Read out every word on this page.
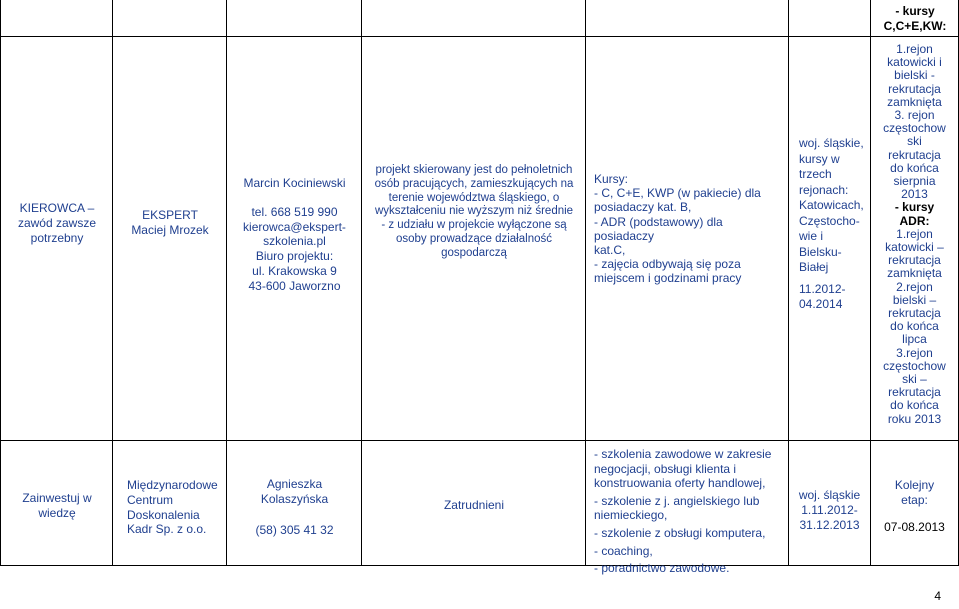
- kursy
C,C+E,KW:
KIEROWCA –
zawód zawsze
potrzebny
EKSPERT
Maciej Mrozek
Marcin Kociniewski
tel. 668 519 990
kierowca@ekspert-
szkolenia.pl
Biuro projektu:
ul. Krakowska 9
43-600 Jaworzno
projekt skierowany jest do pełnoletnich
osób pracujących, zamieszkujących na
terenie województwa śląskiego, o
wykształceniu nie wyższym niż średnie
- z udziału w projekcie wyłączone są
osoby prowadzące działalność
gospodarczą
Kursy:
- C, C+E, KWP (w pakiecie) dla
posiadaczy kat. B,
- ADR (podstawowy) dla posiadaczy
kat.C,
- zajęcia odbywają się poza
miejscem i godzinami pracy
woj. śląskie,
kursy w
trzech
rejonach:
Katowicach,
Częstocho-
wie i
Bielsku-
Białej
11.2012-
04.2014
1.rejon
katowicki i
bielski -
rekrutacja
zamknięta
3. rejon
częstochow
ski
rekrutacja
do końca
sierpnia
2013
- kursy
ADR:
1.rejon
katowicki –
rekrutacja
zamknięta
2.rejon
bielski –
rekrutacja
do końca
lipca
3.rejon
częstochow
ski –
rekrutacja
do końca
roku 2013
Zainwestuj w
wiedzę
Międzynarodowe
Centrum
Doskonalenia
Kadr Sp. z o.o.
Agnieszka
Kolaszyńska
(58) 305 41 32
Zatrudnieni
- szkolenia zawodowe w zakresie
negocjacji, obsługi klienta i
konstruowania oferty handlowej,
- szkolenie z j. angielskiego lub
niemieckiego,
- szkolenie z obsługi komputera,
- coaching,
- poradnictwo zawodowe.
woj. śląskie
1.11.2012-
31.12.2013
Kolejny
etap:
07-08.2013
4
